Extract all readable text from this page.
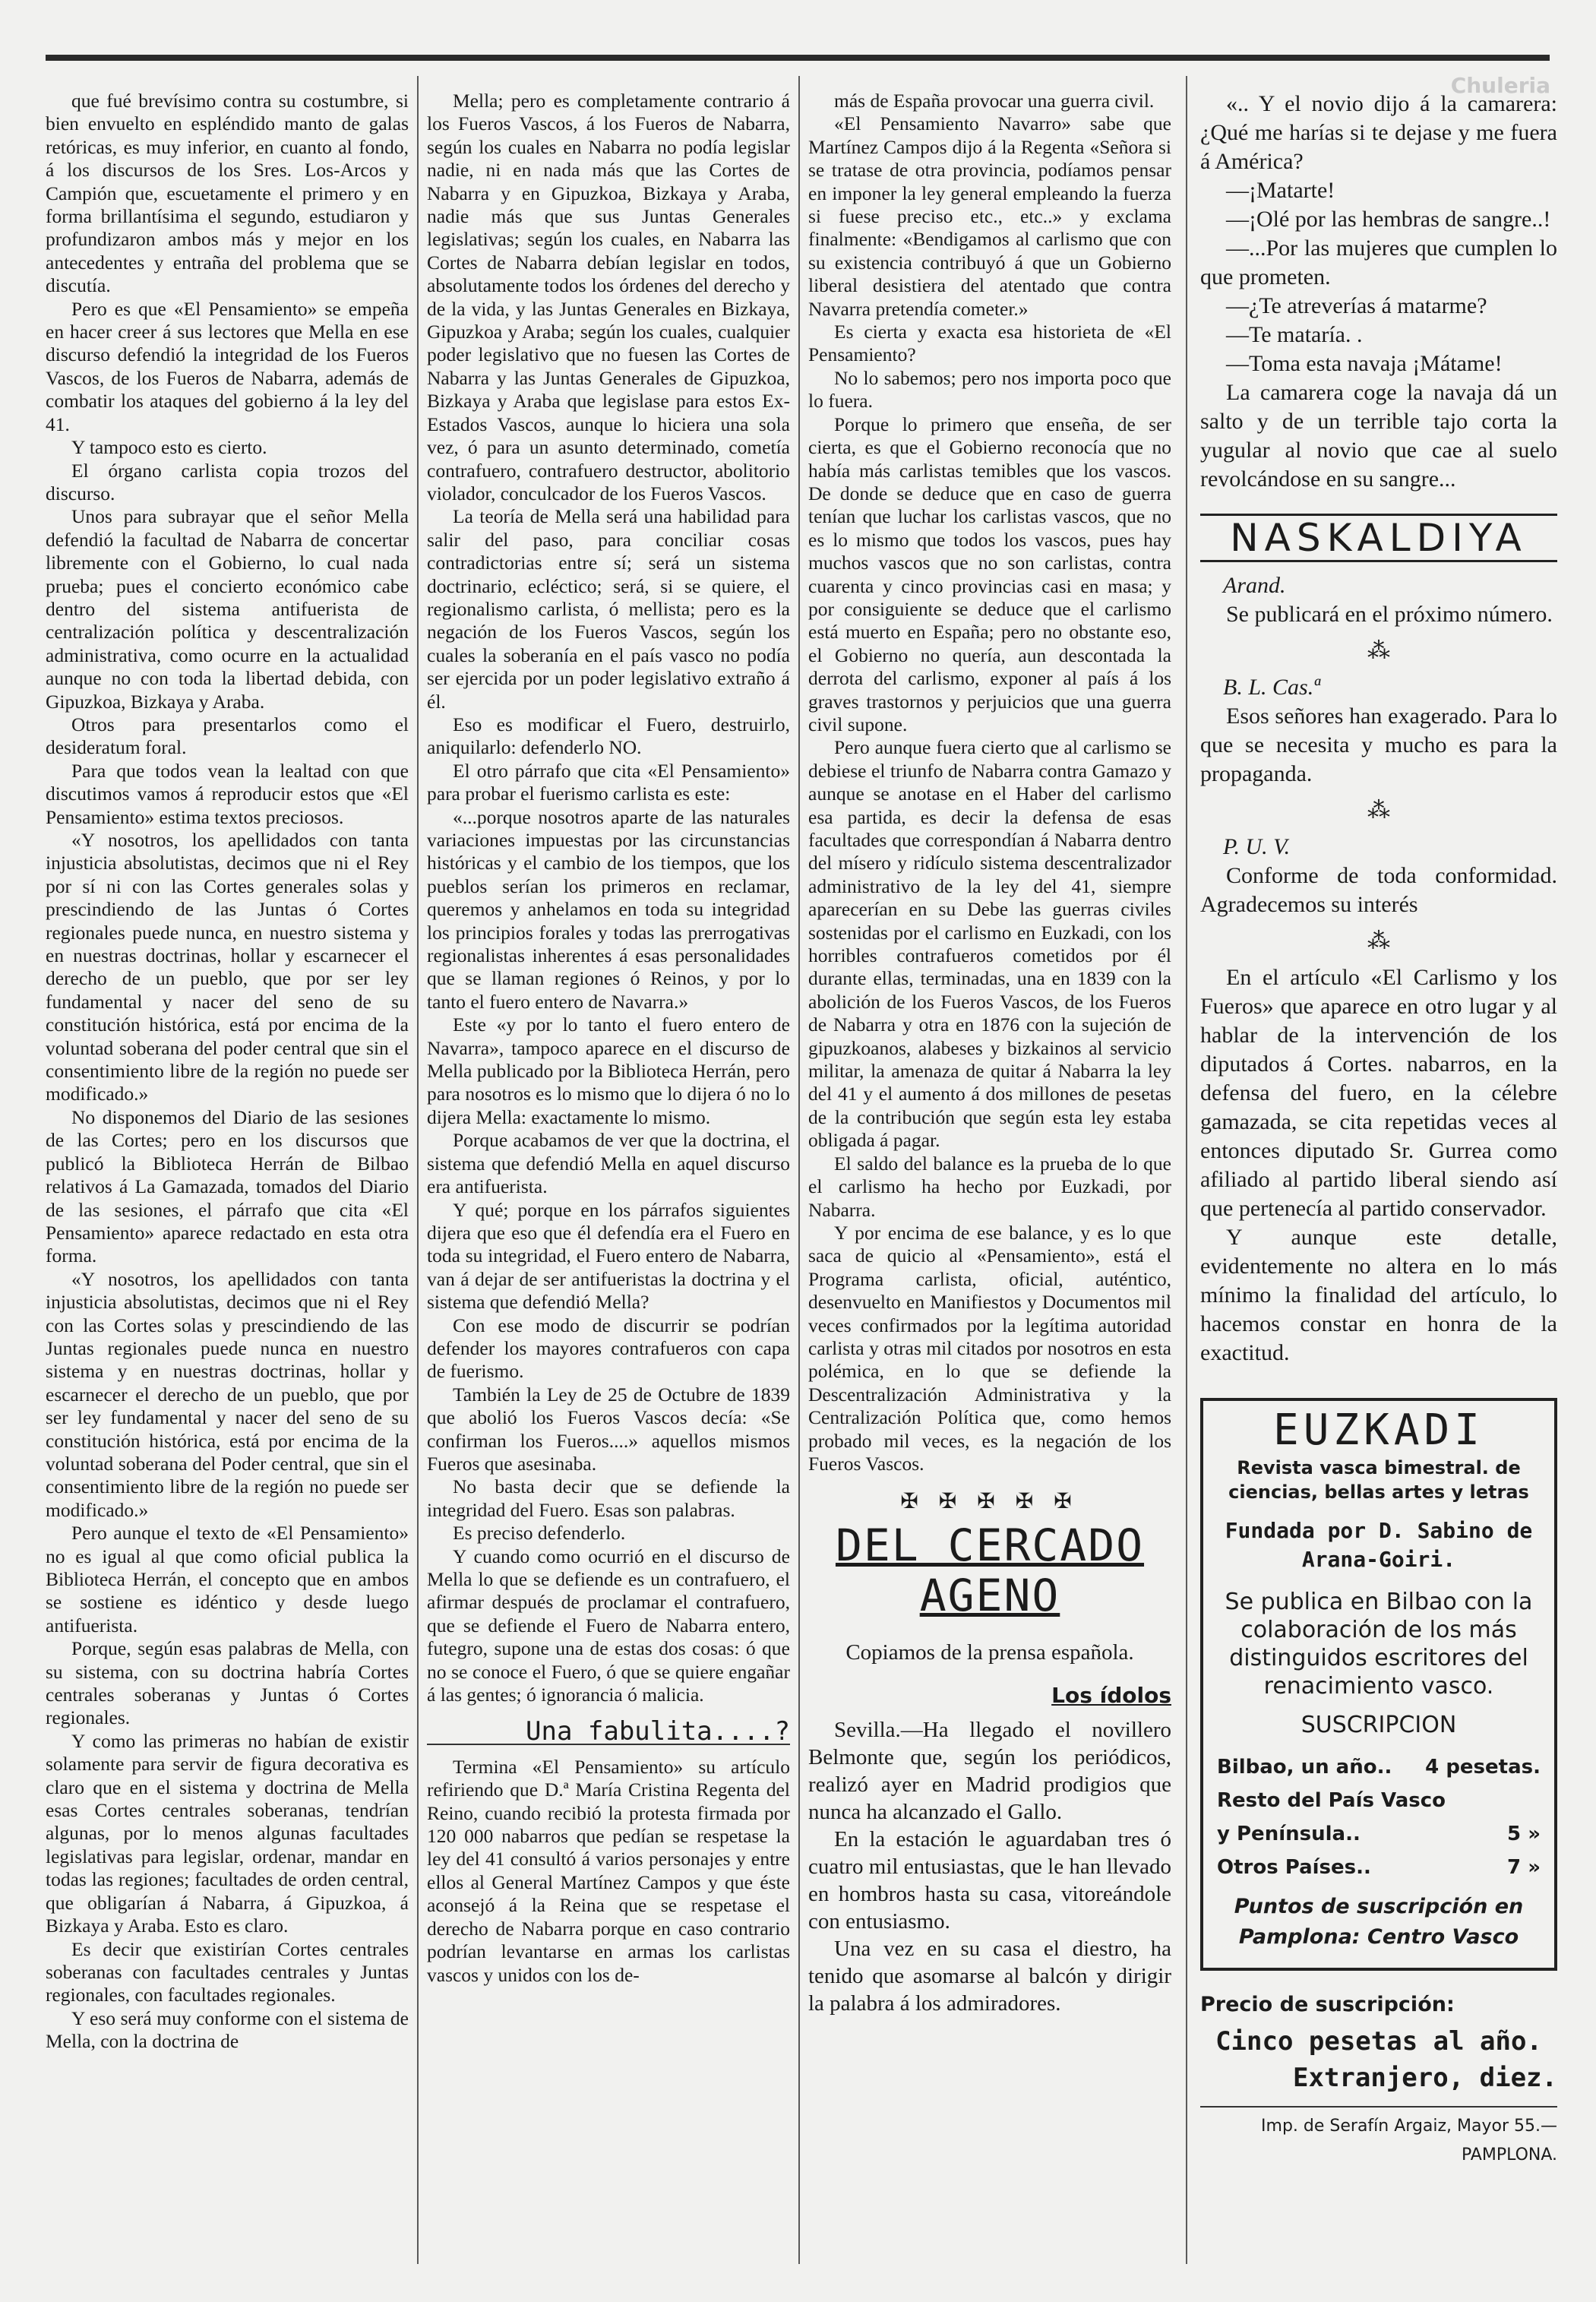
Chuleria

que fué brevísimo contra su costumbre, si bien envuelto en espléndido manto de galas retóricas, es muy inferior, en cuanto al fondo, á los discursos de los Sres. Los-Arcos y Campión que, escuetamente el primero y en forma brillantísima el segundo, estudiaron y profundizaron ambos más y mejor en los antecedentes y entraña del problema que se discutía.

Pero es que «El Pensamiento» se empeña en hacer creer á sus lectores que Mella en ese discurso defendió la integridad de los Fueros Vascos, de los Fueros de Nabarra, además de combatir los ataques del gobierno á la ley del 41.

Y tampoco esto es cierto.

El órgano carlista copia trozos del discurso.

Unos para subrayar que el señor Mella defendió la facultad de Nabarra de concertar libremente con el Gobierno, lo cual nada prueba; pues el concierto económico cabe dentro del sistema antifuerista de centralización política y descentralización administrativa, como ocurre en la actualidad aunque no con toda la libertad debida, con Gipuzkoa, Bizkaya y Araba.

Otros para presentarlos como el desideratum foral.

Para que todos vean la lealtad con que discutimos vamos á reproducir estos que «El Pensamiento» estima textos preciosos.

«Y nosotros, los apellidados con tanta injusticia absolutistas, decimos que ni el Rey por sí ni con las Cortes generales solas y prescindiendo de las Juntas ó Cortes regionales puede nunca, en nuestro sistema y en nuestras doctrinas, hollar y escarnecer el derecho de un pueblo, que por ser ley fundamental y nacer del seno de su constitución histórica, está por encima de la voluntad soberana del poder central que sin el consentimiento libre de la región no puede ser modificado.»

No disponemos del Diario de las sesiones de las Cortes; pero en los discursos que publicó la Biblioteca Herrán de Bilbao relativos á La Gamazada, tomados del Diario de las sesiones, el párrafo que cita «El Pensamiento» aparece redactado en esta otra forma.

«Y nosotros, los apellidados con tanta injusticia absolutistas, decimos que ni el Rey con las Cortes solas y prescindiendo de las Juntas regionales puede nunca en nuestro sistema y en nuestras doctrinas, hollar y escarnecer el derecho de un pueblo, que por ser ley fundamental y nacer del seno de su constitución histórica, está por encima de la voluntad soberana del Poder central, que sin el consentimiento libre de la región no puede ser modificado.»

Pero aunque el texto de «El Pensamiento» no es igual al que como oficial publica la Biblioteca Herrán, el concepto que en ambos se sostiene es idéntico y desde luego antifuerista.

Porque, según esas palabras de Mella, con su sistema, con su doctrina habría Cortes centrales soberanas y Juntas ó Cortes regionales.

Y como las primeras no habían de existir solamente para servir de figura decorativa es claro que en el sistema y doctrina de Mella esas Cortes centrales soberanas, tendrían algunas, por lo menos algunas facultades legislativas para legislar, ordenar, mandar en todas las regiones; facultades de orden central, que obligarían á Nabarra, á Gipuzkoa, á Bizkaya y Araba. Esto es claro.

Es decir que existirían Cortes centrales soberanas con facultades centrales y Juntas regionales, con facultades regionales.

Y eso será muy conforme con el sistema de Mella, con la doctrina de

Mella; pero es completamente contrario á los Fueros Vascos, á los Fueros de Nabarra, según los cuales en Nabarra no podía legislar nadie, ni en nada más que las Cortes de Nabarra y en Gipuzkoa, Bizkaya y Araba, nadie más que sus Juntas Generales legislativas; según los cuales, en Nabarra las Cortes de Nabarra debían legislar en todos, absolutamente todos los órdenes del derecho y de la vida, y las Juntas Generales en Bizkaya, Gipuzkoa y Araba; según los cuales, cualquier poder legislativo que no fuesen las Cortes de Nabarra y las Juntas Generales de Gipuzkoa, Bizkaya y Araba que legislase para estos Ex-Estados Vascos, aunque lo hiciera una sola vez, ó para un asunto determinado, cometía contrafuero, contrafuero destructor, abolitorio violador, conculcador de los Fueros Vascos.

La teoría de Mella será una habilidad para salir del paso, para conciliar cosas contradictorias entre sí; será un sistema doctrinario, ecléctico; será, si se quiere, el regionalismo carlista, ó mellista; pero es la negación de los Fueros Vascos, según los cuales la soberanía en el país vasco no podía ser ejercida por un poder legislativo extraño á él.

Eso es modificar el Fuero, destruirlo, aniquilarlo: defenderlo NO.

El otro párrafo que cita «El Pensamiento» para probar el fuerismo carlista es este:

«...porque nosotros aparte de las naturales variaciones impuestas por las circunstancias históricas y el cambio de los tiempos, que los pueblos serían los primeros en reclamar, queremos y anhelamos en toda su integridad los principios forales y todas las prerrogativas regionalistas inherentes á esas personalidades que se llaman regiones ó Reinos, y por lo tanto el fuero entero de Navarra.»

Este «y por lo tanto el fuero entero de Navarra», tampoco aparece en el discurso de Mella publicado por la Biblioteca Herrán, pero para nosotros es lo mismo que lo dijera ó no lo dijera Mella: exactamente lo mismo.

Porque acabamos de ver que la doctrina, el sistema que defendió Mella en aquel discurso era antifuerista.

Y qué; porque en los párrafos siguientes dijera que eso que él defendía era el Fuero en toda su integridad, el Fuero entero de Nabarra, van á dejar de ser antifueristas la doctrina y el sistema que defendió Mella?

Con ese modo de discurrir se podrían defender los mayores contrafueros con capa de fuerismo.

También la Ley de 25 de Octubre de 1839 que abolió los Fueros Vascos decía: «Se confirman los Fueros....» aquellos mismos Fueros que asesinaba.

No basta decir que se defiende la integridad del Fuero. Esas son palabras.

Es preciso defenderlo.

Y cuando como ocurrió en el discurso de Mella lo que se defiende es un contrafuero, el afirmar después de proclamar el contrafuero, que se defiende el Fuero de Nabarra entero, futegro, supone una de estas dos cosas: ó que no se conoce el Fuero, ó que se quiere engañar á las gentes; ó ignorancia ó malicia.

Una fabulita....?

Termina «El Pensamiento» su artículo refiriendo que D.ª María Cristina Regenta del Reino, cuando recibió la protesta firmada por 120 000 nabarros que pedían se respetase la ley del 41 consultó á varios personajes y entre ellos al General Martínez Campos y que éste aconsejó á la Reina que se respetase el derecho de Nabarra porque en caso contrario podrían levantarse en armas los carlistas vascos y unidos con los de-

más de España provocar una guerra civil.

«El Pensamiento Navarro» sabe que Martínez Campos dijo á la Regenta «Señora si se tratase de otra provincia, podíamos pensar en imponer la ley general empleando la fuerza si fuese preciso etc., etc..» y exclama finalmente: «Bendigamos al carlismo que con su existencia contribuyó á que un Gobierno liberal desistiera del atentado que contra Navarra pretendía cometer.»

Es cierta y exacta esa historieta de «El Pensamiento?

No lo sabemos; pero nos importa poco que lo fuera.

Porque lo primero que enseña, de ser cierta, es que el Gobierno reconocía que no había más carlistas temibles que los vascos. De donde se deduce que en caso de guerra tenían que luchar los carlistas vascos, que no es lo mismo que todos los vascos, pues hay muchos vascos que no son carlistas, contra cuarenta y cinco provincias casi en masa; y por consiguiente se deduce que el carlismo está muerto en España; pero no obstante eso, el Gobierno no quería, aun descontada la derrota del carlismo, exponer al país á los graves trastornos y perjuicios que una guerra civil supone.

Pero aunque fuera cierto que al carlismo se debiese el triunfo de Nabarra contra Gamazo y aunque se anotase en el Haber del carlismo esa partida, es decir la defensa de esas facultades que correspondían á Nabarra dentro del mísero y ridículo sistema descentralizador administrativo de la ley del 41, siempre aparecerían en su Debe las guerras civiles sostenidas por el carlismo en Euzkadi, con los horribles contrafueros cometidos por él durante ellas, terminadas, una en 1839 con la abolición de los Fueros Vascos, de los Fueros de Nabarra y otra en 1876 con la sujeción de gipuzkoanos, alabeses y bizkainos al servicio militar, la amenaza de quitar á Nabarra la ley del 41 y el aumento á dos millones de pesetas de la contribución que según esta ley estaba obligada á pagar.

El saldo del balance es la prueba de lo que el carlismo ha hecho por Euzkadi, por Nabarra.

Y por encima de ese balance, y es lo que saca de quicio al «Pensamiento», está el Programa carlista, oficial, auténtico, desenvuelto en Manifiestos y Documentos mil veces confirmados por la legítima autoridad carlista y otras mil citados por nosotros en esta polémica, en lo que se defiende la Descentralización Administrativa y la Centralización Política que, como hemos probado mil veces, es la negación de los Fueros Vascos.

✠ ✠ ✠ ✠ ✠
DEL CERCADO AGENO
Copiamos de la prensa española.
Los ídolos

Sevilla.—Ha llegado el novillero Belmonte que, según los periódicos, realizó ayer en Madrid prodigios que nunca ha alcanzado el Gallo.

En la estación le aguardaban tres ó cuatro mil entusiastas, que le han llevado en hombros hasta su casa, vitoreándole con entusiasmo.

Una vez en su casa el diestro, ha tenido que asomarse al balcón y dirigir la palabra á los admiradores.

«.. Y el novio dijo á la camarera: ¿Qué me harías si te dejase y me fuera á América?

—¡Matarte!

—¡Olé por las hembras de sangre..!

—...Por las mujeres que cumplen lo que prometen.

—¿Te atreverías á matarme?

—Te mataría. .

—Toma esta navaja ¡Mátame!

La camarera coge la navaja dá un salto y de un terrible tajo corta la yugular al novio que cae al suelo revolcándose en su sangre...

NASKALDIYA
Arand.

Se publicará en el próximo número.

⁂
B. L. Cas.ª

Esos señores han exagerado. Para lo que se necesita y mucho es para la propaganda.

⁂
P. U. V.

Conforme de toda conformidad. Agradecemos su interés

⁂

En el artículo «El Carlismo y los Fueros» que aparece en otro lugar y al hablar de la intervención de los diputados á Cortes. nabarros, en la defensa del fuero, en la célebre gamazada, se cita repetidas veces al entonces diputado Sr. Gurrea como afiliado al partido liberal siendo así que pertenecía al partido conservador.

Y aunque este detalle, evidentemente no altera en lo más mínimo la finalidad del artículo, lo hacemos constar en honra de la exactitud.

EUZKADI
Revista vasca bimestral. de ciencias, bellas artes y letras
Fundada por D. Sabino de Arana-Goiri.
Se publica en Bilbao con la colaboración de los más distinguidos escritores del renacimiento vasco.
SUSCRIPCION
Bilbao, un año.. 4 pesetas.
Resto del País Vasco
y Península..	5 »
Otros Países..	7 »
Puntos de suscripción en Pamplona: Centro Vasco
Precio de suscripción:
Cinco pesetas al año.
Extranjero, diez.
Imp. de Serafín Argaiz, Mayor 55.—PAMPLONA.
